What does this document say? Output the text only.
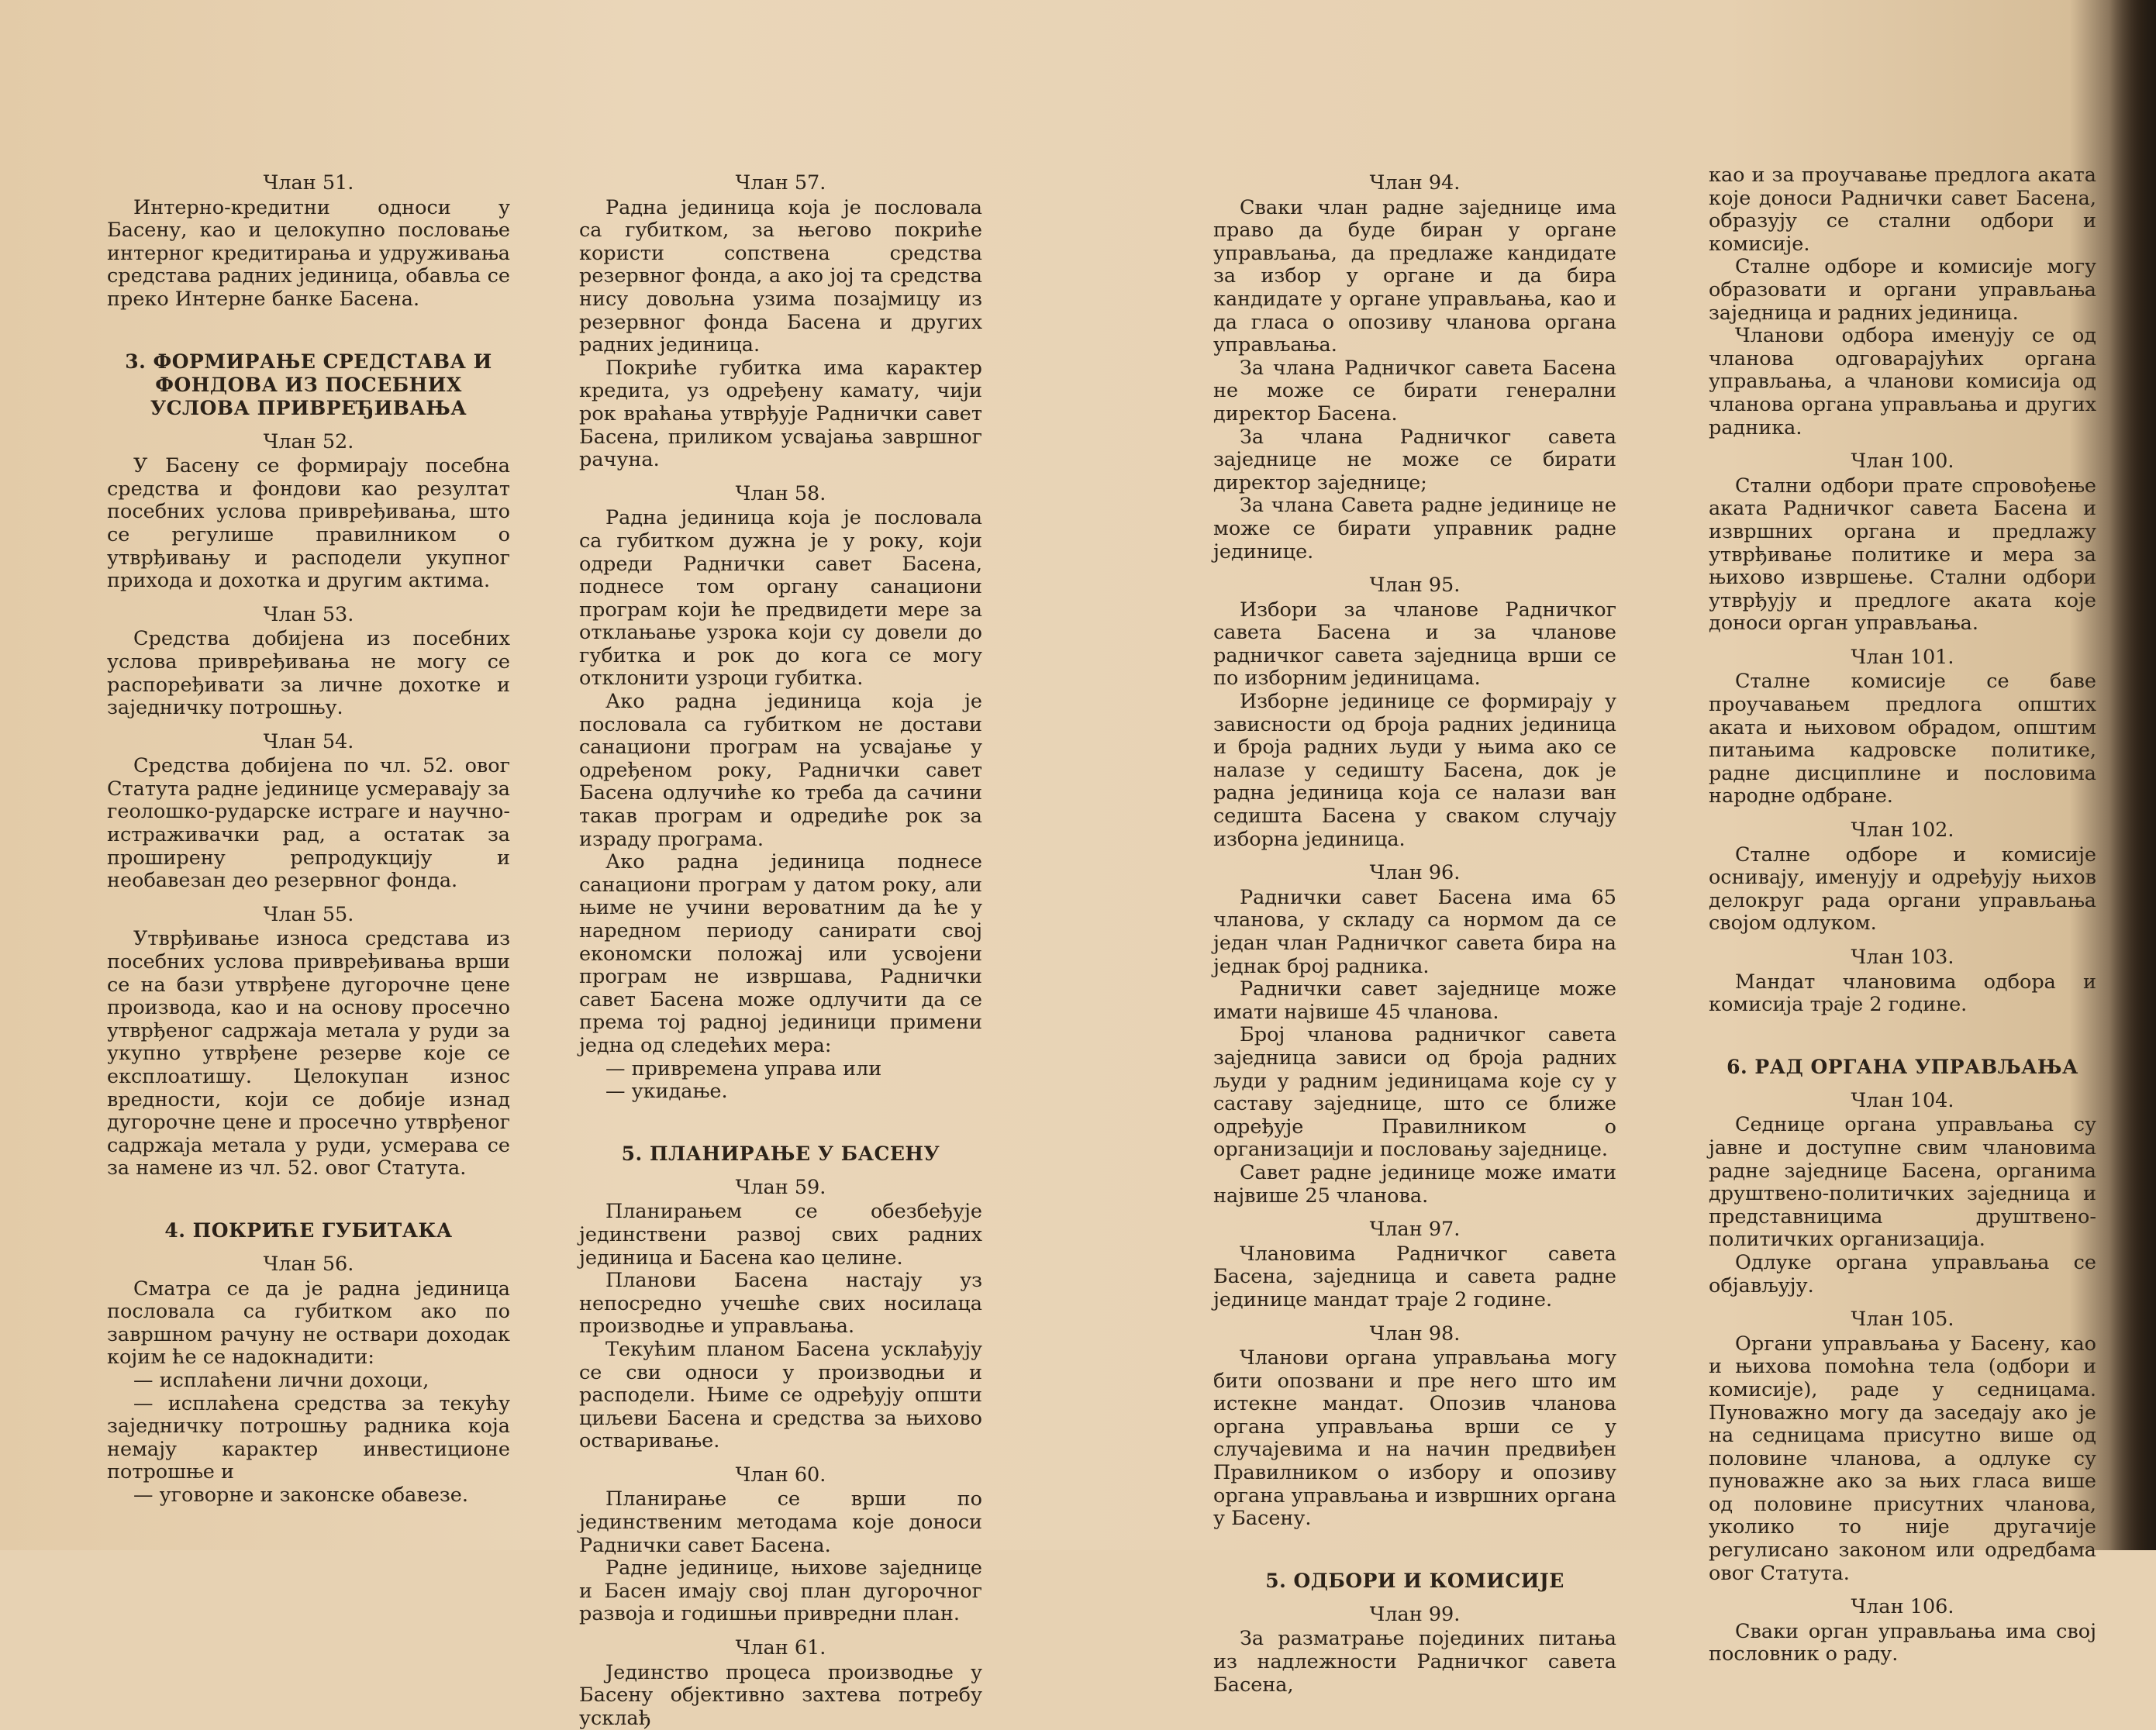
Члан 51.

Интерно-кредитни односи у Басену, као и целокупно пословање интерног кредитирања и удруживања средстава радних јединица, обавља се преко Интерне банке Басена.

3. ФОРМИРАЊЕ СРЕДСТАВА И ФОНДОВА ИЗ ПОСЕБНИХ УСЛОВА ПРИВРЕЂИВАЊА

Члан 52.

У Басену се формирају посебна средства и фондови као резултат посебних услова привређивања, што се регулише правилником о утврђивању и расподели укупног прихода и дохотка и другим актима.

Члан 53.

Средства добијена из посебних услова привређивања не могу се распоређивати за личне дохотке и заједничку потрошњу.

Члан 54.

Средства добијена по чл. 52. овог Статута радне јединице усмеравају за геолошко-рударске истраге и научно-истраживачки рад, а остатак за проширену репродукцију и необавезан део резервног фонда.

Члан 55.

Утврђивање износа средстава из посебних услова привређивања врши се на бази утврђене дугорочне цене производа, као и на основу просечно утврђеног садржаја метала у руди за укупно утврђене резерве које се експлоатишу. Целокупан износ вредности, који се добије изнад дугорочне цене и просечно утврђеног садржаја метала у руди, усмерава се за намене из чл. 52. овог Статута.

4. ПОКРИЋЕ ГУБИТАКА

Члан 56.

Сматра се да је радна јединица пословала са губитком ако по завршном рачуну не оствари доходак којим ће се надокнадити:

— исплаћени лични дохоци,

— исплаћена средства за текућу заједничку потрошњу радника која немају карактер инвестиционе потрошње и

— уговорне и законске обавезе.

Члан 57.

Радна јединица која је пословала са губитком, за његово покриће користи сопствена средства резервног фонда, а ако јој та средства нису довољна узима позајмицу из резервног фонда Басена и других радних јединица.

Покриће губитка има карактер кредита, уз одређену камату, чији рок враћања утврђује Раднички савет Басена, приликом усвајања завршног рачуна.

Члан 58.

Радна јединица која је пословала са губитком дужна је у року, који одреди Раднички савет Басена, поднесе том органу санациони програм који ће предвидети мере за отклањање узрока који су довели до губитка и рок до кога се могу отклонити узроци губитка.

Ако радна јединица која је пословала са губитком не достави санациони програм на усвајање у одређеном року, Раднички савет Басена одлучиће ко треба да сачини такав програм и одредиће рок за израду програма.

Ако радна јединица поднесе санациони програм у датом року, али њиме не учини вероватним да ће у наредном периоду санирати свој економски положај или усвојени програм не извршава, Раднички савет Басена може одлучити да се према тој радној јединици примени једна од следећих мера:

— привремена управа или

— укидање.

5. ПЛАНИРАЊЕ У БАСЕНУ

Члан 59.

Планирањем се обезбеђује јединствени развој свих радних јединица и Басена као целине.

Планови Басена настају уз непосредно учешће свих носилаца производње и управљања.

Текућим планом Басена усклађују се сви односи у производњи и расподели. Њиме се одређују општи циљеви Басена и средства за њихово остваривање.

Члан 60.

Планирање се врши по јединственим методама које доноси Раднички савет Басена.

Радне јединице, њихове заједнице и Басен имају свој план дугорочног развоја и годишњи привредни план.

Члан 61.

Јединство процеса производње у Басену објективно захтева потребу усклађ

Члан 94.

Сваки члан радне заједнице има право да буде биран у органе управљања, да предлаже кандидате за избор у органе и да бира кандидате у органе управљања, као и да гласа о опозиву чланова органа управљања.

За члана Радничког савета Басена не може се бирати генерални директор Басена.

За члана Радничког савета заједнице не може се бирати директор заједнице;

За члана Савета радне јединице не може се бирати управник радне јединице.

Члан 95.

Избори за чланове Радничког савета Басена и за чланове радничког савета заједница врши се по изборним јединицама.

Изборне јединице се формирају у зависности од броја радних јединица и броја радних људи у њима ако се налазе у седишту Басена, док је радна јединица која се налази ван седишта Басена у сваком случају изборна јединица.

Члан 96.

Раднички савет Басена има 65 чланова, у складу са нормом да се један члан Радничког савета бира на једнак број радника.

Раднички савет заједнице може имати највише 45 чланова.

Број чланова радничког савета заједница зависи од броја радних људи у радним јединицама које су у саставу заједнице, што се ближе одређује Правилником о организацији и пословању заједнице.

Савет радне јединице може имати највише 25 чланова.

Члан 97.

Члановима Радничког савета Басена, заједница и савета радне јединице мандат траје 2 године.

Члан 98.

Чланови органа управљања могу бити опозвани и пре него што им истекне мандат. Опозив чланова органа управљања врши се у случајевима и на начин предвиђен Правилником о избору и опозиву органа управљања и извршних органа у Басену.

5. ОДБОРИ И КОМИСИЈЕ

Члан 99.

За разматрање појединих питања из надлежности Радничког савета Басена,

као и за проучавање предлога аката које доноси Раднички савет Басена, образују се стални одбори и комисије.

Сталне одборе и комисије могу образовати и органи управљања заједница и радних јединица.

Чланови одбора именују се од чланова одговарајућих органа управљања, а чланови комисија од чланова органа управљања и других радника.

Члан 100.

Стални одбори прате спровођење аката Радничког савета Басена и извршних органа и предлажу утврђивање политике и мера за њихово извршење. Стални одбори утврђују и предлоге аката које доноси орган управљања.

Члан 101.

Сталне комисије се баве проучавањем предлога општих аката и њиховом обрадом, општим питањима кадровске политике, радне дисциплине и пословима народне одбране.

Члан 102.

Сталне одборе и комисије оснивају, именују и одређују њихов делокруг рада органи управљања својом одлуком.

Члан 103.

Мандат члановима одбора и комисија траје 2 године.

6. РАД ОРГАНА УПРАВЉАЊА

Члан 104.

Седнице органа управљања су јавне и доступне свим члановима радне заједнице Басена, органима друштвено-политичких заједница и представницима друштвено-политичких организација.

Одлуке органа управљања се објављују.

Члан 105.

Органи управљања у Басену, као и њихова помоћна тела (одбори и комисије), раде у седницама. Пуноважно могу да заседају ако је на седницама присутно више од половине чланова, а одлуке су пуноважне ако за њих гласа више од половине присутних чланова, уколико то није другачије регулисано законом или одредбама овог Статута.

Члан 106.

Сваки орган управљања има свој пословник о раду.
